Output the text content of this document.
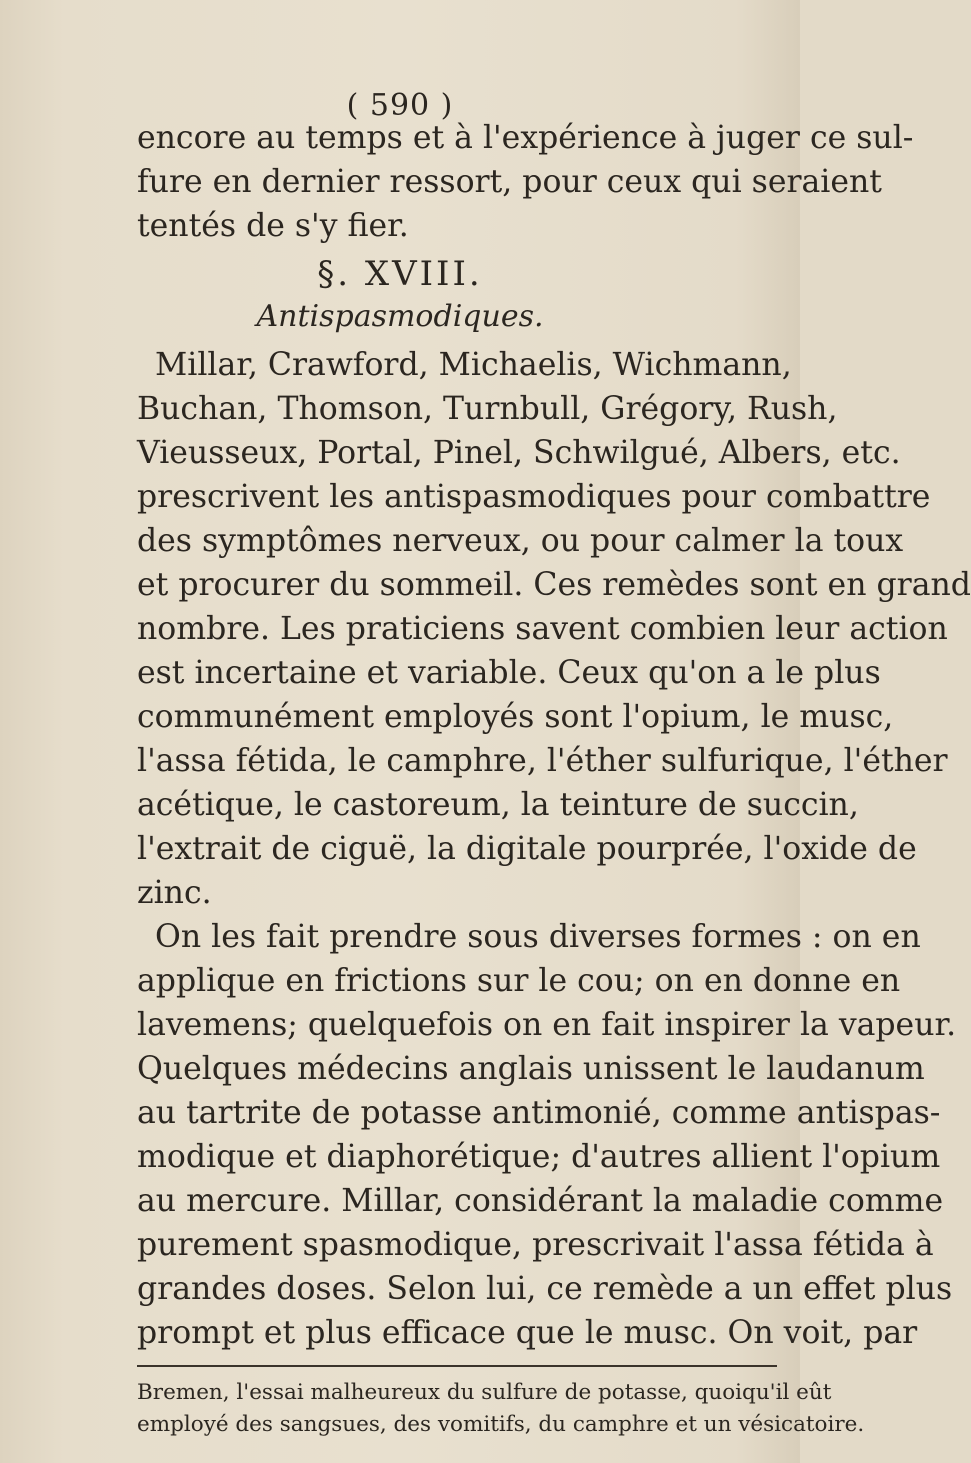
( 590 )
encore au temps et à l'expérience à juger ce sul-
fure en dernier ressort, pour ceux qui seraient
tentés de s'y fier.
§. XVIII.
Antispasmodiques.
Millar, Crawford, Michaelis, Wichmann,
Buchan, Thomson, Turnbull, Grégory, Rush,
Vieusseux, Portal, Pinel, Schwilgué, Albers, etc.
prescrivent les antispasmodiques pour combattre
des symptômes nerveux, ou pour calmer la toux
et procurer du sommeil. Ces remèdes sont en grand
nombre. Les praticiens savent combien leur action
est incertaine et variable. Ceux qu'on a le plus
communément employés sont l'opium, le musc,
l'assa fétida, le camphre, l'éther sulfurique, l'éther
acétique, le castoreum, la teinture de succin,
l'extrait de ciguë, la digitale pourprée, l'oxide de
zinc.
On les fait prendre sous diverses formes : on en
applique en frictions sur le cou; on en donne en
lavemens; quelquefois on en fait inspirer la vapeur.
Quelques médecins anglais unissent le laudanum
au tartrite de potasse antimonié, comme antispas-
modique et diaphorétique; d'autres allient l'opium
au mercure. Millar, considérant la maladie comme
purement spasmodique, prescrivait l'assa fétida à
grandes doses. Selon lui, ce remède a un effet plus
prompt et plus efficace que le musc. On voit, par
Bremen, l'essai malheureux du sulfure de potasse, quoiqu'il eût
employé des sangsues, des vomitifs, du camphre et un vésicatoire.
